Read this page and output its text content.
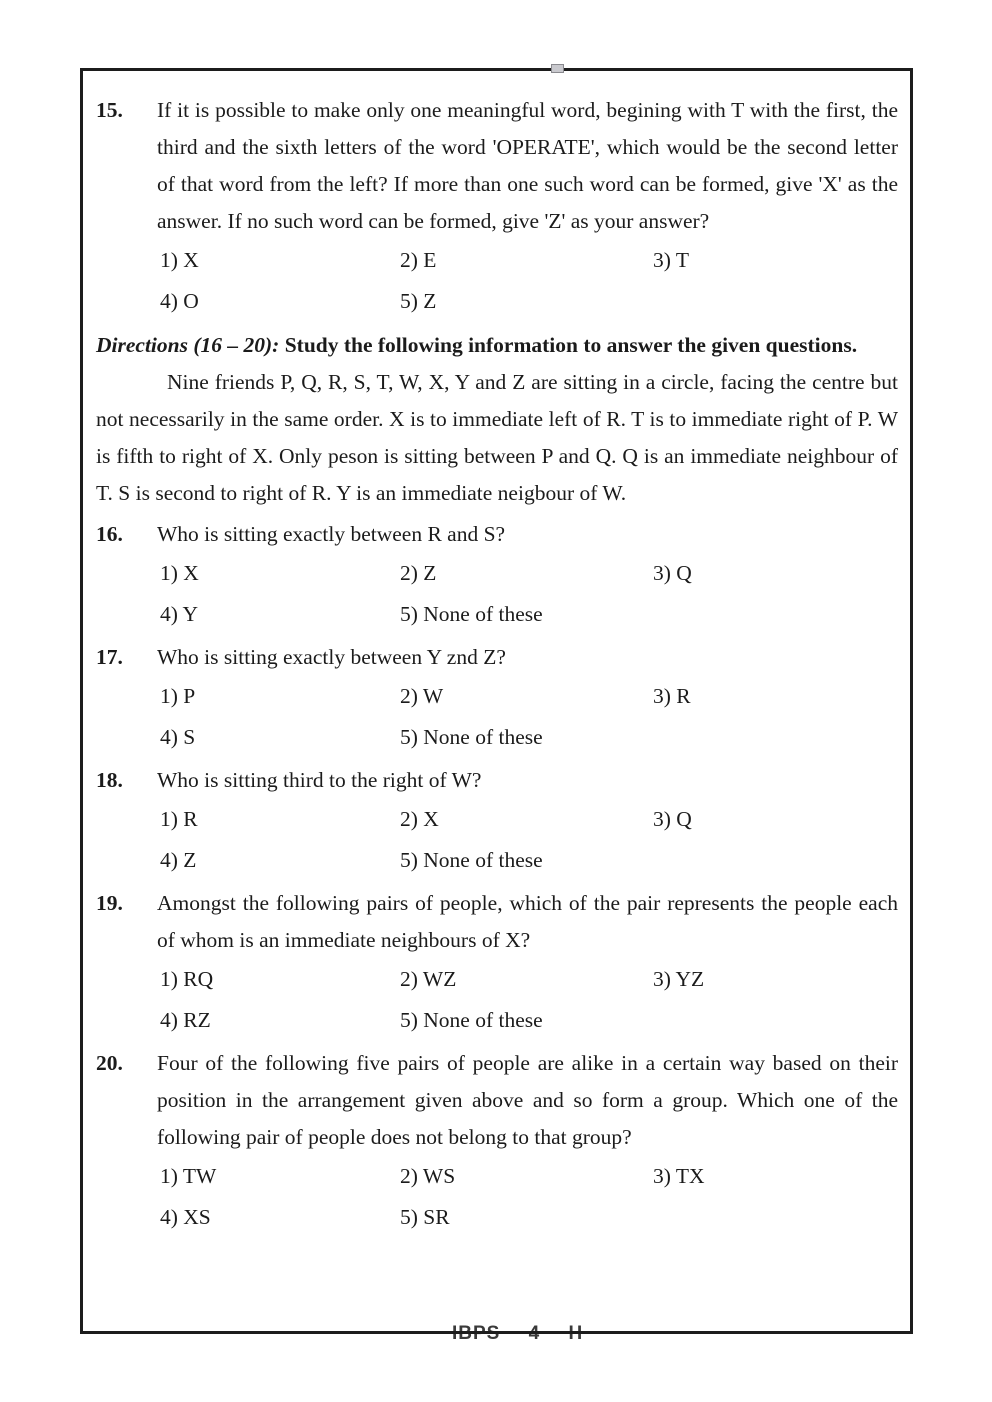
IBPS 4 H
15.	If it is possible to make only one meaningful word, begining with T with the first, the third and the sixth letters of the word 'OPERATE', which would be the second letter of that word from the left? If more than one such word can be formed, give 'X' as the answer. If no such word can be formed, give 'Z' as your answer?
1) X	2) E	3) T
4) O	5) Z
Directions (16 – 20): Study the following information to answer the given questions.
Nine friends P, Q, R, S, T, W, X, Y and Z are sitting in a circle, facing the centre but not necessarily in the same order. X is to immediate left of R. T is to immediate right of P. W is fifth to right of X. Only peson is sitting between P and Q. Q is an immediate neighbour of T. S is second to right of R. Y is an immediate neigbour of W.
16.	Who is sitting exactly between R and S?
1) X	2) Z	3) Q
4) Y	5) None of these
17.	Who is sitting exactly between Y znd Z?
1) P	2) W	3) R
4) S	5) None of these
18.	Who is sitting third to the right of W?
1) R	2) X	3) Q
4) Z	5) None of these
19.	Amongst the following pairs of people, which of the pair represents the people each of whom is an immediate neighbours of X?
1) RQ	2) WZ	3) YZ
4) RZ	5) None of these
20.	Four of the following five pairs of people are alike in a certain way based on their position in the arrangement given above and so form a group. Which one of the following pair of people does not belong to that group?
1) TW	2) WS	3) TX
4) XS	5) SR
